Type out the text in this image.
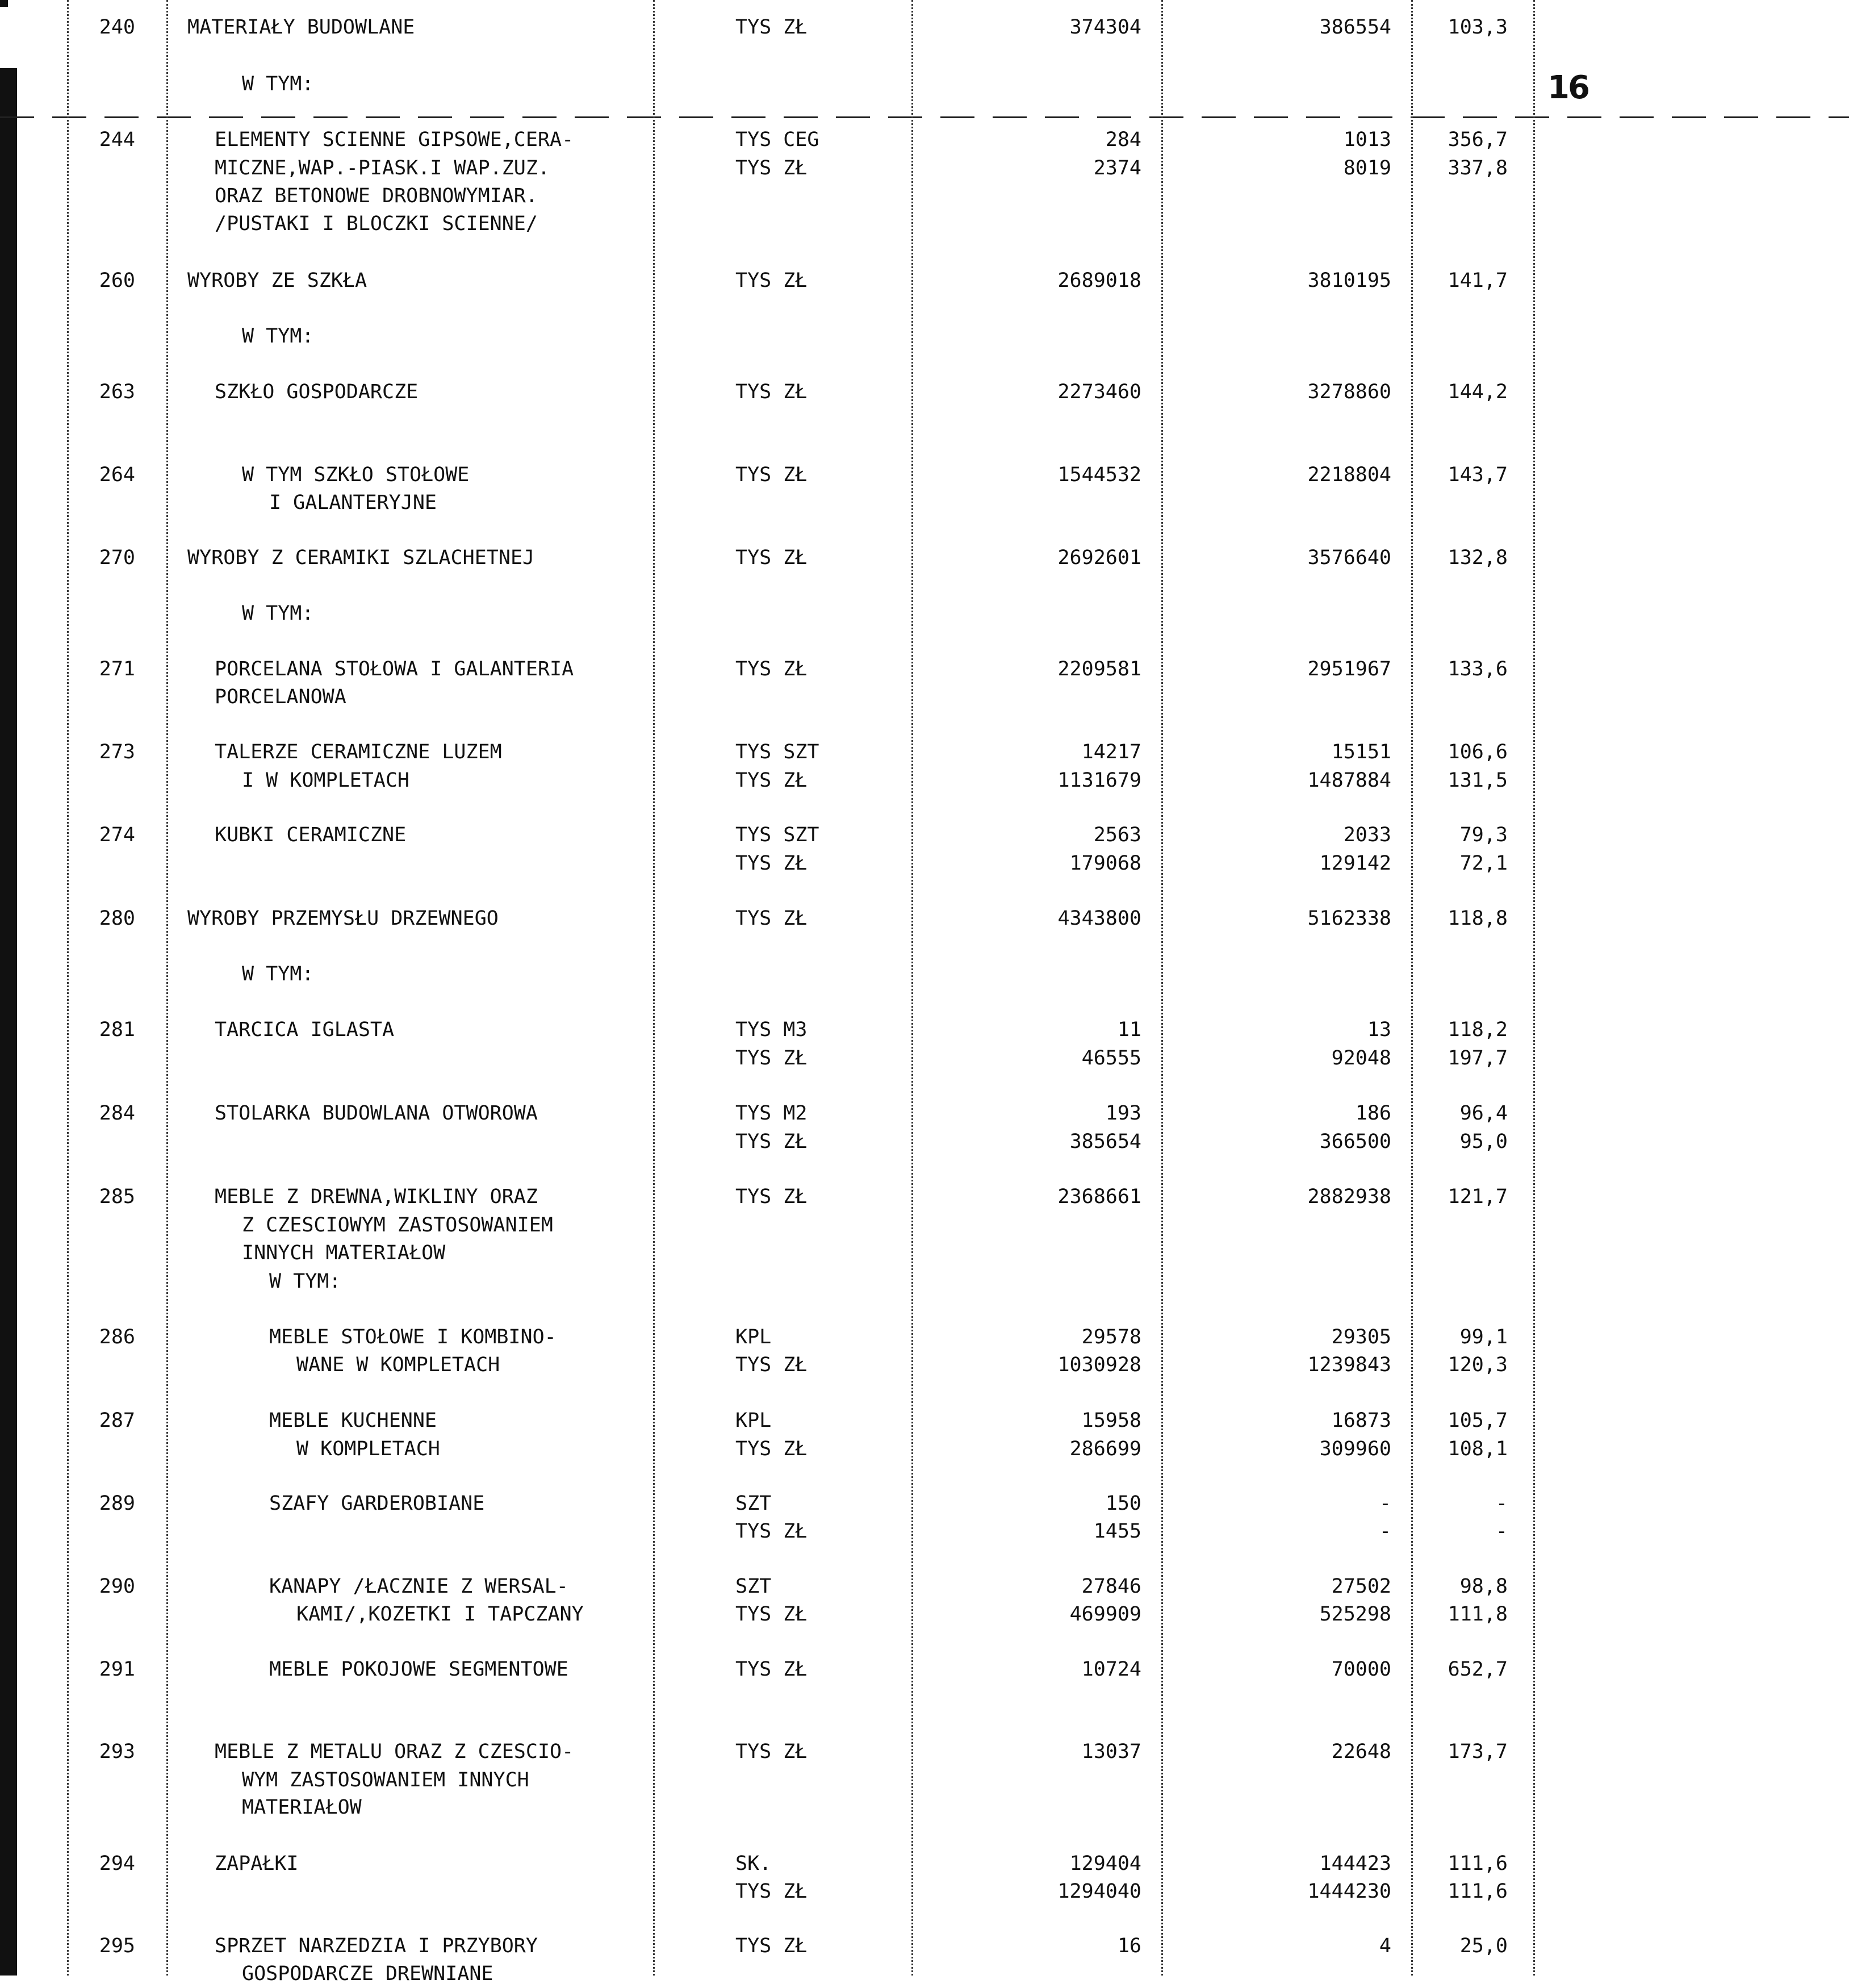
16
240	MATERIAŁY BUDOWLANE	TYS ZŁ	374304	386554	103,3
W TYM:
244	ELEMENTY SCIENNE GIPSOWE,CERA-	TYS CEG	284	1013	356,7
MICZNE,WAP.-PIASK.I WAP.ZUZ.	TYS ZŁ	2374	8019	337,8
ORAZ BETONOWE DROBNOWYMIAR.
/PUSTAKI I BLOCZKI SCIENNE/
260	WYROBY ZE SZKŁA	TYS ZŁ	2689018	3810195	141,7
W TYM:
263	SZKŁO GOSPODARCZE	TYS ZŁ	2273460	3278860	144,2
264	W TYM SZKŁO STOŁOWE	TYS ZŁ	1544532	2218804	143,7
I GALANTERYJNE
270	WYROBY Z CERAMIKI SZLACHETNEJ	TYS ZŁ	2692601	3576640	132,8
W TYM:
271	PORCELANA STOŁOWA I GALANTERIA	TYS ZŁ	2209581	2951967	133,6
PORCELANOWA
273	TALERZE CERAMICZNE LUZEM	TYS SZT	14217	15151	106,6
I W KOMPLETACH	TYS ZŁ	1131679	1487884	131,5
274	KUBKI CERAMICZNE	TYS SZT	2563	2033	79,3
TYS ZŁ	179068	129142	72,1
280	WYROBY PRZEMYSŁU DRZEWNEGO	TYS ZŁ	4343800	5162338	118,8
W TYM:
281	TARCICA IGLASTA	TYS M3	11	13	118,2
TYS ZŁ	46555	92048	197,7
284	STOLARKA BUDOWLANA OTWOROWA	TYS M2	193	186	96,4
TYS ZŁ	385654	366500	95,0
285	MEBLE Z DREWNA,WIKLINY ORAZ	TYS ZŁ	2368661	2882938	121,7
Z CZESCIOWYM ZASTOSOWANIEM
INNYCH MATERIAŁOW
W TYM:
286	MEBLE STOŁOWE I KOMBINO-	KPL	29578	29305	99,1
WANE W KOMPLETACH	TYS ZŁ	1030928	1239843	120,3
287	MEBLE KUCHENNE	KPL	15958	16873	105,7
W KOMPLETACH	TYS ZŁ	286699	309960	108,1
289	SZAFY GARDEROBIANE	SZT	150	-	-
TYS ZŁ	1455	-	-
290	KANAPY /ŁACZNIE Z WERSAL-	SZT	27846	27502	98,8
KAMI/,KOZETKI I TAPCZANY	TYS ZŁ	469909	525298	111,8
291	MEBLE POKOJOWE SEGMENTOWE	TYS ZŁ	10724	70000	652,7
293	MEBLE Z METALU ORAZ Z CZESCIO-	TYS ZŁ	13037	22648	173,7
WYM ZASTOSOWANIEM INNYCH
MATERIAŁOW
294	ZAPAŁKI	SK.	129404	144423	111,6
TYS ZŁ	1294040	1444230	111,6
295	SPRZET NARZEDZIA I PRZYBORY	TYS ZŁ	16	4	25,0
GOSPODARCZE DREWNIANE
